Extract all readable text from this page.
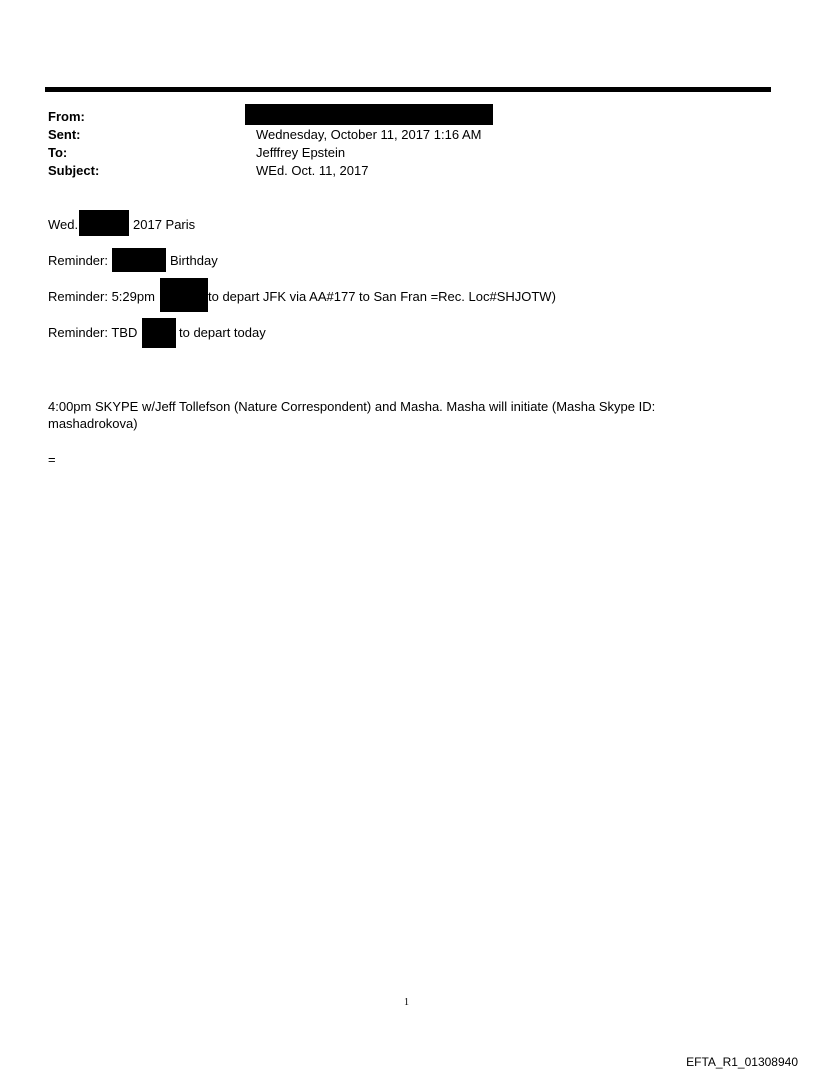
From:
Sent:	Wednesday, October 11, 2017 1:16 AM
To:	Jefffrey Epstein
Subject:	WEd. Oct. 11, 2017
Wed.	2017 Paris
Reminder:	Birthday
Reminder: 5:29pm	to depart JFK via AA#177 to San Fran =Rec. Loc#SHJOTW)
Reminder: TBD	to depart today
4:00pm SKYPE w/Jeff Tollefson (Nature Correspondent) and Masha. Masha will initiate (Masha Skype ID: mashadrokova)
=
1
EFTA_R1_01308940
